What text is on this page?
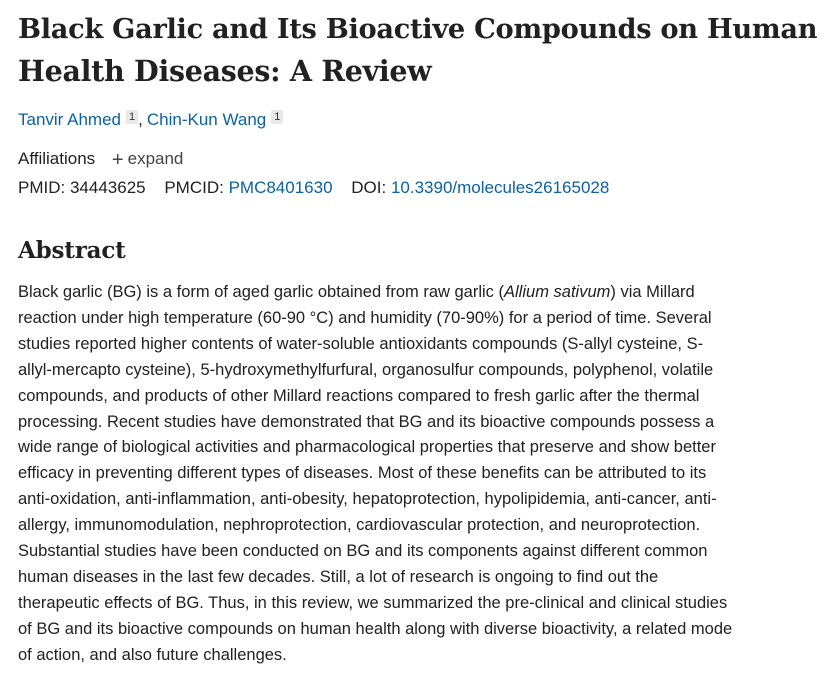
Black Garlic and Its Bioactive Compounds on Human
Health Diseases: A Review
Tanvir Ahmed 1 , Chin-Kun Wang 1
Affiliations + expand
PMID: 34443625 PMCID: PMC8401630 DOI: 10.3390/molecules26165028
Abstract
Black garlic (BG) is a form of aged garlic obtained from raw garlic (Allium sativum) via Millard
reaction under high temperature (60-90 °C) and humidity (70-90%) for a period of time. Several
studies reported higher contents of water-soluble antioxidants compounds (S-allyl cysteine, S-
allyl-mercapto cysteine), 5-hydroxymethylfurfural, organosulfur compounds, polyphenol, volatile
compounds, and products of other Millard reactions compared to fresh garlic after the thermal
processing. Recent studies have demonstrated that BG and its bioactive compounds possess a
wide range of biological activities and pharmacological properties that preserve and show better
efficacy in preventing different types of diseases. Most of these benefits can be attributed to its
anti-oxidation, anti-inflammation, anti-obesity, hepatoprotection, hypolipidemia, anti-cancer, anti-
allergy, immunomodulation, nephroprotection, cardiovascular protection, and neuroprotection.
Substantial studies have been conducted on BG and its components against different common
human diseases in the last few decades. Still, a lot of research is ongoing to find out the
therapeutic effects of BG. Thus, in this review, we summarized the pre-clinical and clinical studies
of BG and its bioactive compounds on human health along with diverse bioactivity, a related mode
of action, and also future challenges.
